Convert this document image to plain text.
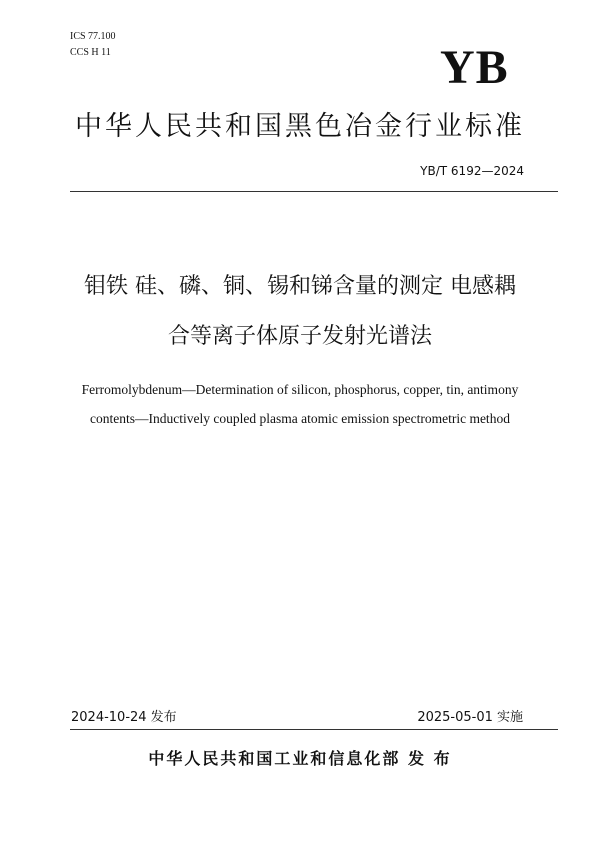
ICS 77.100
CCS H 11	YB
中华人民共和国黑色冶金行业标准
YB/T 6192—2024
钼铁 硅、磷、铜、锡和锑含量的测定 电感耦
合等离子体原子发射光谱法
Ferromolybdenum—Determination of silicon, phosphorus, copper, tin, antimony
contents—Inductively coupled plasma atomic emission spectrometric method
2024-10-24 发布	2025-05-01 实施
中华人民共和国工业和信息化部 发 布
